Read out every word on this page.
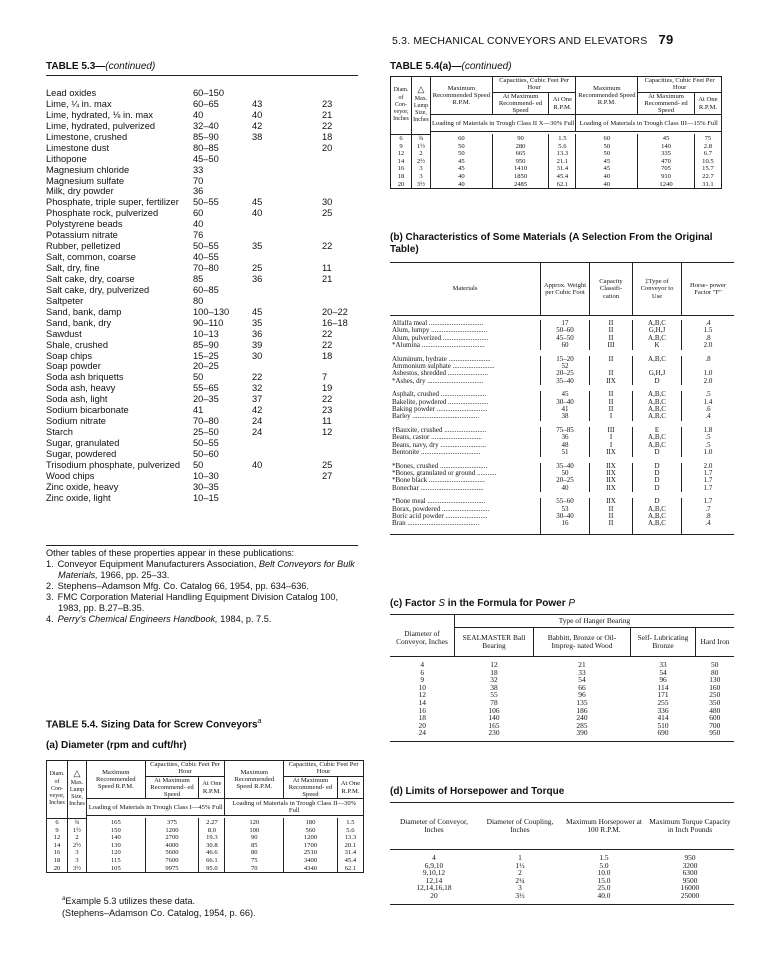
5.3. MECHANICAL CONVEYORS AND ELEVATORS 79
TABLE 5.3—(continued)
Lead oxides	60–150
Lime, ¼ in. max	60–65	43	23
Lime, hydrated, ⅛ in. max	40	40	21
Lime, hydrated, pulverized	32–40	42	22
Limestone, crushed	85–90	38	18
Limestone dust	80–85	20
Lithopone	45–50
Magnesium chloride	33
Magnesium sulfate	70
Milk, dry powder	36
Phosphate, triple super, fertilizer 50–55	45	30
Phosphate rock, pulverized	60	40	25
Polystyrene beads	40
Potassium nitrate	76
Rubber, pelletized	50–55	35	22
Salt, common, coarse	40–55
Salt, dry, fine	70–80	25	11
Salt cake, dry, coarse	85	36	21
Salt cake, dry, pulverized	60–85
Saltpeter	80
Sand, bank, damp	100–130 45	20–22
Sand, bank, dry	90–110	35	16–18
Sawdust	10–13	36	22
Shale, crushed	85–90	39	22
Soap chips	15–25	30	18
Soap powder	20–25
Soda ash briquetts	50	22	7
Soda ash, heavy	55–65	32	19
Soda ash, light	20–35	37	22
Sodium bicarbonate	41	42	23
Sodium nitrate	70–80	24	11
Starch	25–50	24	12
Sugar, granulated	50–55
Sugar, powdered	50–60
Trisodium phosphate, pulverized 50	40	25
Wood chips	10–30	27
Zinc oxide, heavy	30–35
Zinc oxide, light	10–15
Other tables of these properties appear in these publications:
1. Conveyor Equipment Manufacturers Association, Belt Conveyors for Bulk Materials, 1966, pp. 25–33.
2. Stephens–Adamson Mfg. Co. Catalog 66, 1954, pp. 634–636.
3. FMC Corporation Material Handling Equipment Division Catalog 100, 1983, pp. B.27–B.35.
4. Perry's Chemical Engineers Handbook, 1984, p. 7.5.
TABLE 5.4. Sizing Data for Screw Conveyors$^a$
(a) Diameter (rpm and cuft/hr)
Diam. of Con- veyor, Inches	△
Max. Lump Size, Inches	Maximum Recommended Speed R.P.M.	Capacities, Cubic Feet Per Hour		Maximum Recommended Speed R.P.M.	Capacities, Cubic Feet Per Hour	
			At Maximum Recommend- ed Speed	At One R.P.M.		At Maximum Recommend- ed Speed	At One R.P.M.
		Loading of Materials in Trough Class I—45% Full			Loading of Materials in Trough Class II—30% Full		

6	¾	165	375	2.27	120	180	1.5
9	1½	150	1200	8.0	100	560	5.6
12	2	140	2700	19.3	90	1200	13.3
14	2½	130	4000	30.8	85	1700	20.1
16	3	120	5600	46.6	80	2510	31.4
18	3	115	7600	66.1	75	3400	45.4
20	3½	105	9975	95.0	70	4340	62.1
$^a$Example 5.3 utilizes these data.
(Stephens–Adamson Co. Catalog, 1954, p. 66).
TABLE 5.4(a)—(continued)
Diam. of Con- veyor, Inches	△
Max. Lump Size, Inches	Maximum Recommended Speed R.P.M.	Capacities, Cubic Feet Per Hour		Maximum Recommended Speed R.P.M.	Capacities, Cubic Feet Per Hour	
			At Maximum Recommend- ed Speed	At One R.P.M.		At Maximum Recommend- ed Speed	At One R.P.M.
		Loading of Materials in Trough Class II X—30% Full			Loading of Materials in Trough Class III—15% Full		

6	¾	60	90	1.5	60	45	75
9	1½	50	280	5.6	50	140	2.8
12	2	50	665	13.3	50	335	6.7
14	2½	45	950	21.1	45	470	10.5
16	3	45	1410	31.4	45	705	15.7
18	3	40	1850	45.4	40	910	22.7
20	3½	40	2485	62.1	40	1240	31.1
(b) Characteristics of Some Materials (A Selection From the Original Table)
Materials	Approx. Weight per Cubic Foot	Capacity Classifi- cation	‡Type of Conveyor to Use	Horse- power Factor "F"

Alfalfa meal ...............................	17	II	A,B,C	.4
Alum, lumpy ................................	50–60	II	G,H,J	1.5
Alum, pulverized ..........................	45–50	II	A,B,C	.8
*Alumina ....................................	60	III	K	2.0

Aluminum, hydrate ........................	15–20	II	A,B,C	.8
Ammonium sulphate ........................	52			
Asbestos, shredded .......................	20–25	II	G,H,J	1.0
*Ashes, dry ................................	35–40	IIX	D	2.0

Asphalt, crushed ..........................	45	II	A,B,C	.5
Bakelite, powdered .......................	30–40	II	A,B,C	1.4
Baking powder .............................	41	II	A,B,C	.6
Barley ......................................	38	I	A,B,C	.4

†Bauxite, crushed ........................	75–85	III	E	1.8
Beans, castor .............................	36	I	A,B,C	.5
Beans, navy, dry ..........................	48	I	A,B,C	.5
Bentonite ..................................	51	IIX	D	1.0

*Bones, crushed ...........................	35–40	IIX	D	2.0
*Bones, granulated or ground ...........	50	IIX	D	1.7
*Bone black ................................	20–25	IIX	D	1.7
Bonechar ....................................	40	IIX	D	1.7

*Bone meal .................................	55–60	IIX	D	1.7
Borax, powdered ...........................	53	II	A,B,C	.7
Boric acid powder ........................	30–40	II	A,B,C	.8
Bran .........................................	16	II	A,B,C	.4

(c) Factor S in the Formula for Power P
Diameter of Conveyor, Inches	Type of Hanger Bearing			
	SEALMASTER Ball Bearing	Babbitt, Bronze or Oil-Impreg- nated Wood	Self- Lubricating Bronze	Hard Iron

4	12	21	33	50
6	18	33	54	80
9	32	54	96	130
10	38	66	114	160
12	55	96	171	250
14	78	135	255	350
16	106	186	336	480
18	140	240	414	600
20	165	285	510	700
24	230	390	690	950

(d) Limits of Horsepower and Torque
Diameter of Conveyor, Inches	Diameter of Coupling, Inches	Maximum Horsepower at 100 R.P.M.	Maximum Torque Capacity in Inch Pounds

4	1	1.5	950
6,9,10	1½	5.0	3200
9,10,12	2	10.0	6300
12,14	2¼	15.0	9500
12,14,16,18	3	25.0	16000
20	3½	40.0	25000
